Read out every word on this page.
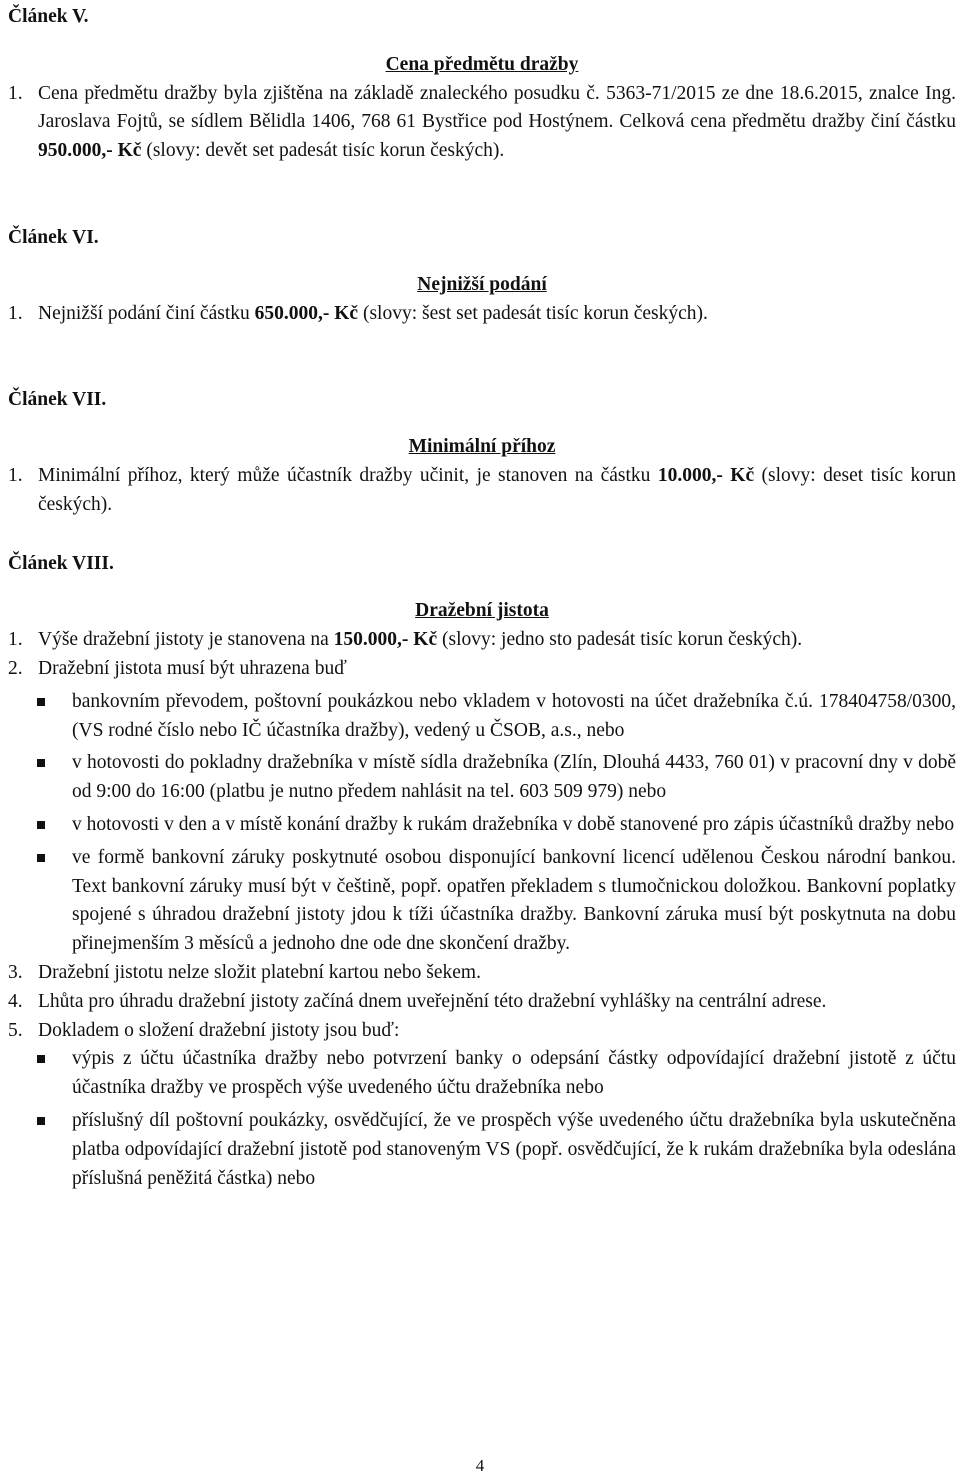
Článek V.

Cena předmětu dražby

1. Cena předmětu dražby byla zjištěna na základě znaleckého posudku č. 5363-71/2015 ze dne 18.6.2015, znalce Ing. Jaroslava Fojtů, se sídlem Bělidla 1406, 768 61 Bystřice pod Hostýnem. Celková cena předmětu dražby činí částku 950.000,- Kč (slovy: devět set padesát tisíc korun českých).

Článek VI.

Nejnižší podání

1. Nejnižší podání činí částku 650.000,- Kč (slovy: šest set padesát tisíc korun českých).

Článek VII.

Minimální příhoz

1. Minimální příhoz, který může účastník dražby učinit, je stanoven na částku 10.000,- Kč (slovy: deset tisíc korun českých).

Článek VIII.

Dražební jistota

1. Výše dražební jistoty je stanovena na 150.000,- Kč (slovy: jedno sto padesát tisíc korun českých).
2. Dražební jistota musí být uhrazena buď
bankovním převodem, poštovní poukázkou nebo vkladem v hotovosti na účet dražebníka č.ú. 178404758/0300, (VS rodné číslo nebo IČ účastníka dražby), vedený u ČSOB, a.s., nebo
v hotovosti do pokladny dražebníka v místě sídla dražebníka (Zlín, Dlouhá 4433, 760 01) v pracovní dny v době od 9:00 do 16:00 (platbu je nutno předem nahlásit na tel. 603 509 979) nebo
v hotovosti v den a v místě konání dražby k rukám dražebníka v době stanovené pro zápis účastníků dražby nebo
ve formě bankovní záruky poskytnuté osobou disponující bankovní licencí udělenou Českou národní bankou. Text bankovní záruky musí být v češtině, popř. opatřen překladem s tlumočnickou doložkou. Bankovní poplatky spojené s úhradou dražební jistoty jdou k tíži účastníka dražby. Bankovní záruka musí být poskytnuta na dobu přinejmenším 3 měsíců a jednoho dne ode dne skončení dražby.
3. Dražební jistotu nelze složit platební kartou nebo šekem.
4. Lhůta pro úhradu dražební jistoty začíná dnem uveřejnění této dražební vyhlášky na centrální adrese.
5. Dokladem o složení dražební jistoty jsou buď:
výpis z účtu účastníka dražby nebo potvrzení banky o odepsání částky odpovídající dražební jistotě z účtu účastníka dražby ve prospěch výše uvedeného účtu dražebníka nebo
příslušný díl poštovní poukázky, osvědčující, že ve prospěch výše uvedeného účtu dražebníka byla uskutečněna platba odpovídající dražební jistotě pod stanoveným VS (popř. osvědčující, že k rukám dražebníka byla odeslána příslušná peněžitá částka) nebo
4
